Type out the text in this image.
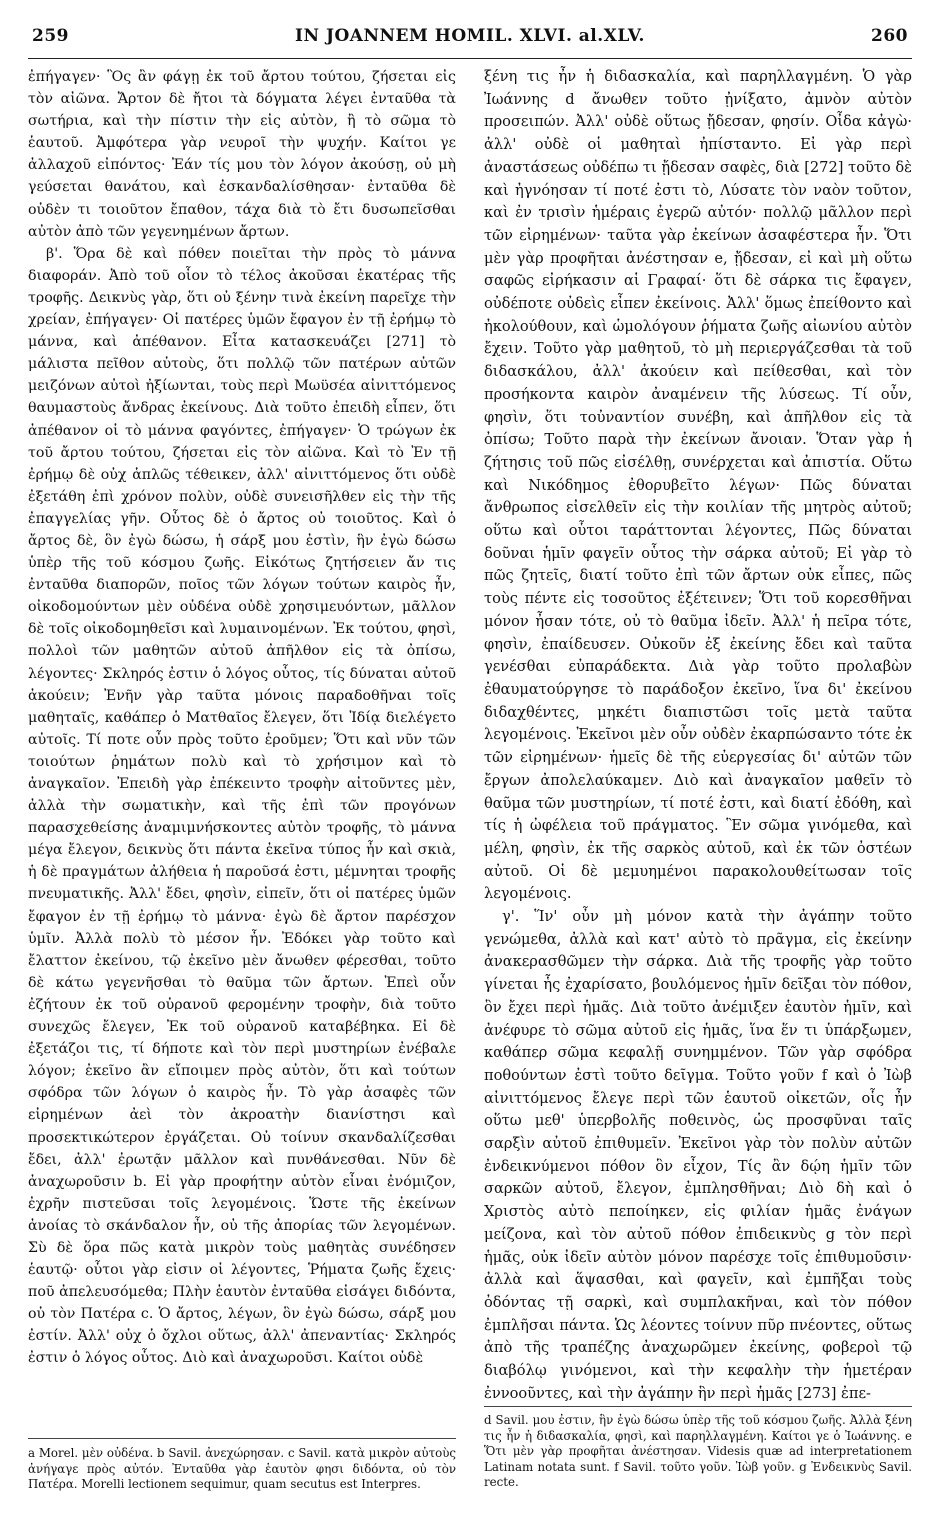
259	IN JOANNEM HOMIL. XLVI. al.XLV.	260

ἐπήγαγεν· Ὃς ἂν φάγῃ ἐκ τοῦ ἄρτου τούτου, ζήσεται εἰς τὸν αἰῶνα. Ἄρτον δὲ ἤτοι τὰ δόγματα λέγει ἐνταῦθα τὰ σωτήρια, καὶ τὴν πίστιν τὴν εἰς αὐτὸν, ἢ τὸ σῶμα τὸ ἑαυτοῦ. Ἀμφότερα γὰρ νευροῖ τὴν ψυχήν. Καίτοι γε ἀλλαχοῦ εἰπόντος· Ἐάν τίς μου τὸν λόγον ἀκούσῃ, οὐ μὴ γεύσεται θανάτου, καὶ ἐσκανδαλίσθησαν· ἐνταῦθα δὲ οὐδὲν τι τοιοῦτον ἔπαθον, τάχα διὰ τὸ ἔτι δυσωπεῖσθαι αὐτὸν ἀπὸ τῶν γεγενημένων ἄρτων.

β'. Ὅρα δὲ καὶ πόθεν ποιεῖται τὴν πρὸς τὸ μάννα διαφοράν. Ἀπὸ τοῦ οἷον τὸ τέλος ἀκοῦσαι ἑκατέρας τῆς τροφῆς. Δεικνὺς γὰρ, ὅτι οὐ ξένην τινὰ ἐκείνη παρεῖχε τὴν χρείαν, ἐπήγαγεν· Οἱ πατέρες ὑμῶν ἔφαγον ἐν τῇ ἐρήμῳ τὸ μάννα, καὶ ἀπέθανον. Εἶτα κατασκευάζει [271] τὸ μάλιστα πεῖθον αὐτοὺς, ὅτι πολλῷ τῶν πατέρων αὐτῶν μειζόνων αὐτοὶ ἠξίωνται, τοὺς περὶ Μωϋσέα αἰνιττόμενος θαυμαστοὺς ἄνδρας ἐκείνους. Διὰ τοῦτο ἐπειδὴ εἶπεν, ὅτι ἀπέθανον οἱ τὸ μάννα φαγόντες, ἐπήγαγεν· Ὁ τρώγων ἐκ τοῦ ἄρτου τούτου, ζήσεται εἰς τὸν αἰῶνα. Καὶ τὸ Ἐν τῇ ἐρήμῳ δὲ οὐχ ἁπλῶς τέθεικεν, ἀλλ' αἰνιττόμενος ὅτι οὐδὲ ἐξετάθη ἐπὶ χρόνον πολὺν, οὐδὲ συνεισῆλθεν εἰς τὴν τῆς ἐπαγγελίας γῆν. Οὗτος δὲ ὁ ἄρτος οὐ τοιοῦτος. Καὶ ὁ ἄρτος δὲ, ὃν ἐγὼ δώσω, ἡ σάρξ μου ἐστὶν, ἣν ἐγὼ δώσω ὑπὲρ τῆς τοῦ κόσμου ζωῆς. Εἰκότως ζητήσειεν ἄν τις ἐνταῦθα διαπορῶν, ποῖος τῶν λόγων τούτων καιρὸς ἦν, οἰκοδομούντων μὲν οὐδένα οὐδὲ χρησιμευόντων, μᾶλλον δὲ τοῖς οἰκοδομηθεῖσι καὶ λυμαινομένων. Ἐκ τούτου, φησὶ, πολλοὶ τῶν μαθητῶν αὐτοῦ ἀπῆλθον εἰς τὰ ὀπίσω, λέγοντες· Σκληρός ἐστιν ὁ λόγος οὗτος, τίς δύναται αὐτοῦ ἀκούειν; Ἐνῆν γὰρ ταῦτα μόνοις παραδοθῆναι τοῖς μαθηταῖς, καθάπερ ὁ Ματθαῖος ἔλεγεν, ὅτι Ἰδίᾳ διελέγετο αὐτοῖς. Τί ποτε οὖν πρὸς τοῦτο ἐροῦμεν; Ὅτι καὶ νῦν τῶν τοιούτων ῥημάτων πολὺ καὶ τὸ χρήσιμον καὶ τὸ ἀναγκαῖον. Ἐπειδὴ γὰρ ἐπέκειντο τροφὴν αἰτοῦντες μὲν, ἀλλὰ τὴν σωματικὴν, καὶ τῆς ἐπὶ τῶν προγόνων παρασχεθείσης ἀναμιμνήσκοντες αὐτὸν τροφῆς, τὸ μάννα μέγα ἔλεγον, δεικνὺς ὅτι πάντα ἐκεῖνα τύπος ἦν καὶ σκιὰ, ἡ δὲ πραγμάτων ἀλήθεια ἡ παροῦσά ἐστι, μέμνηται τροφῆς πνευματικῆς. Ἀλλ' ἔδει, φησὶν, εἰπεῖν, ὅτι οἱ πατέρες ὑμῶν ἔφαγον ἐν τῇ ἐρήμῳ τὸ μάννα· ἐγὼ δὲ ἄρτον παρέσχον ὑμῖν. Ἀλλὰ πολὺ τὸ μέσον ἦν. Ἐδόκει γὰρ τοῦτο καὶ ἔλαττον ἐκείνου, τῷ ἐκεῖνο μὲν ἄνωθεν φέρεσθαι, τοῦτο δὲ κάτω γεγενῆσθαι τὸ θαῦμα τῶν ἄρτων. Ἐπεὶ οὖν ἐζήτουν ἐκ τοῦ οὐρανοῦ φερομένην τροφὴν, διὰ τοῦτο συνεχῶς ἔλεγεν, Ἐκ τοῦ οὐρανοῦ καταβέβηκα. Εἰ δὲ ἐξετάζοι τις, τί δήποτε καὶ τὸν περὶ μυστηρίων ἐνέβαλε λόγον; ἐκεῖνο ἂν εἴποιμεν πρὸς αὐτὸν, ὅτι καὶ τούτων σφόδρα τῶν λόγων ὁ καιρὸς ἦν. Τὸ γὰρ ἀσαφὲς τῶν εἰρημένων ἀεὶ τὸν ἀκροατὴν διανίστησι καὶ προσεκτικώτερον ἐργάζεται. Οὐ τοίνυν σκανδαλίζεσθαι ἔδει, ἀλλ' ἐρωτᾷν μᾶλλον καὶ πυνθάνεσθαι. Νῦν δὲ ἀναχωροῦσιν b. Εἰ γὰρ προφήτην αὐτὸν εἶναι ἐνόμιζον, ἐχρῆν πιστεῦσαι τοῖς λεγομένοις. Ὥστε τῆς ἐκείνων ἀνοίας τὸ σκάνδαλον ἦν, οὐ τῆς ἀπορίας τῶν λεγομένων. Σὺ δὲ ὅρα πῶς κατὰ μικρὸν τοὺς μαθητὰς συνέδησεν ἑαυτῷ· οὗτοι γὰρ εἰσιν οἱ λέγοντες, Ῥήματα ζωῆς ἔχεις· ποῦ ἀπελευσόμεθα; Πλὴν ἑαυτὸν ἐνταῦθα εἰσάγει διδόντα, οὐ τὸν Πατέρα c. Ὁ ἄρτος, λέγων, ὃν ἐγὼ δώσω, σάρξ μου ἐστίν. Ἀλλ' οὐχ ὁ ὄχλοι οὕτως, ἀλλ' ἀπεναντίας· Σκληρός ἐστιν ὁ λόγος οὗτος. Διὸ καὶ ἀναχωροῦσι. Καίτοι οὐδὲ

ξένη τις ἦν ἡ διδασκαλία, καὶ παρηλλαγμένη. Ὁ γὰρ Ἰωάννης d ἄνωθεν τοῦτο ᾐνίξατο, ἀμνὸν αὐτὸν προσειπών. Ἀλλ' οὐδὲ οὕτως ᾔδεσαν, φησίν. Οἶδα κἀγὼ· ἀλλ' οὐδὲ οἱ μαθηταὶ ἠπίσταντο. Εἰ γὰρ περὶ ἀναστάσεως οὐδέπω τι ᾔδεσαν σαφὲς, διὰ [272] τοῦτο δὲ καὶ ἠγνόησαν τί ποτέ ἐστι τὸ, Λύσατε τὸν ναὸν τοῦτον, καὶ ἐν τρισὶν ἡμέραις ἐγερῶ αὐτόν· πολλῷ μᾶλλον περὶ τῶν εἰρημένων· ταῦτα γὰρ ἐκείνων ἀσαφέστερα ἦν. Ὅτι μὲν γὰρ προφῆται ἀνέστησαν e, ᾔδεσαν, εἰ καὶ μὴ οὕτω σαφῶς εἰρήκασιν αἱ Γραφαί· ὅτι δὲ σάρκα τις ἔφαγεν, οὐδέποτε οὐδεὶς εἶπεν ἐκείνοις. Ἀλλ' ὅμως ἐπείθοντο καὶ ἠκολούθουν, καὶ ὡμολόγουν ῥήματα ζωῆς αἰωνίου αὐτὸν ἔχειν. Τοῦτο γὰρ μαθητοῦ, τὸ μὴ περιεργάζεσθαι τὰ τοῦ διδασκάλου, ἀλλ' ἀκούειν καὶ πείθεσθαι, καὶ τὸν προσήκοντα καιρὸν ἀναμένειν τῆς λύσεως. Τί οὖν, φησὶν, ὅτι τοὐναντίον συνέβη, καὶ ἀπῆλθον εἰς τὰ ὀπίσω; Τοῦτο παρὰ τὴν ἐκείνων ἄνοιαν. Ὅταν γὰρ ἡ ζήτησις τοῦ πῶς εἰσέλθῃ, συνέρχεται καὶ ἀπιστία. Οὕτω καὶ Νικόδημος ἐθορυβεῖτο λέγων· Πῶς δύναται ἄνθρωπος εἰσελθεῖν εἰς τὴν κοιλίαν τῆς μητρὸς αὐτοῦ; οὕτω καὶ οὗτοι ταράττονται λέγοντες, Πῶς δύναται δοῦναι ἡμῖν φαγεῖν οὗτος τὴν σάρκα αὐτοῦ; Εἰ γὰρ τὸ πῶς ζητεῖς, διατί τοῦτο ἐπὶ τῶν ἄρτων οὐκ εἶπες, πῶς τοὺς πέντε εἰς τοσοῦτος ἐξέτεινεν; Ὅτι τοῦ κορεσθῆναι μόνον ἦσαν τότε, οὐ τὸ θαῦμα ἰδεῖν. Ἀλλ' ἡ πεῖρα τότε, φησὶν, ἐπαίδευσεν. Οὐκοῦν ἐξ ἐκείνης ἔδει καὶ ταῦτα γενέσθαι εὐπαράδεκτα. Διὰ γὰρ τοῦτο προλαβὼν ἐθαυματούργησε τὸ παράδοξον ἐκεῖνο, ἵνα δι' ἐκείνου διδαχθέντες, μηκέτι διαπιστῶσι τοῖς μετὰ ταῦτα λεγομένοις. Ἐκεῖνοι μὲν οὖν οὐδὲν ἐκαρπώσαντο τότε ἐκ τῶν εἰρημένων· ἡμεῖς δὲ τῆς εὐεργεσίας δι' αὐτῶν τῶν ἔργων ἀπολελαύκαμεν. Διὸ καὶ ἀναγκαῖον μαθεῖν τὸ θαῦμα τῶν μυστηρίων, τί ποτέ ἐστι, καὶ διατί ἐδόθη, καὶ τίς ἡ ὠφέλεια τοῦ πράγματος. Ἓν σῶμα γινόμεθα, καὶ μέλη, φησὶν, ἐκ τῆς σαρκὸς αὐτοῦ, καὶ ἐκ τῶν ὀστέων αὐτοῦ. Οἱ δὲ μεμυημένοι παρακολουθείτωσαν τοῖς λεγομένοις.

γ'. Ἵν' οὖν μὴ μόνον κατὰ τὴν ἀγάπην τοῦτο γενώμεθα, ἀλλὰ καὶ κατ' αὐτὸ τὸ πρᾶγμα, εἰς ἐκείνην ἀνακερασθῶμεν τὴν σάρκα. Διὰ τῆς τροφῆς γὰρ τοῦτο γίνεται ἧς ἐχαρίσατο, βουλόμενος ἡμῖν δεῖξαι τὸν πόθον, ὃν ἔχει περὶ ἡμᾶς. Διὰ τοῦτο ἀνέμιξεν ἑαυτὸν ἡμῖν, καὶ ἀνέφυρε τὸ σῶμα αὐτοῦ εἰς ἡμᾶς, ἵνα ἕν τι ὑπάρξωμεν, καθάπερ σῶμα κεφαλῇ συνημμένον. Τῶν γὰρ σφόδρα ποθούντων ἐστὶ τοῦτο δεῖγμα. Τοῦτο γοῦν f καὶ ὁ Ἰὼβ αἰνιττόμενος ἔλεγε περὶ τῶν ἑαυτοῦ οἰκετῶν, οἷς ἦν οὕτω μεθ' ὑπερβολῆς ποθεινὸς, ὡς προσφῦναι ταῖς σαρξὶν αὐτοῦ ἐπιθυμεῖν. Ἐκεῖνοι γὰρ τὸν πολὺν αὐτῶν ἐνδεικνύμενοι πόθον ὃν εἶχον, Τίς ἂν δῴη ἡμῖν τῶν σαρκῶν αὐτοῦ, ἔλεγον, ἐμπλησθῆναι; Διὸ δὴ καὶ ὁ Χριστὸς αὐτὸ πεποίηκεν, εἰς φιλίαν ἡμᾶς ἐνάγων μείζονα, καὶ τὸν αὐτοῦ πόθον ἐπιδεικνὺς g τὸν περὶ ἡμᾶς, οὐκ ἰδεῖν αὐτὸν μόνον παρέσχε τοῖς ἐπιθυμοῦσιν· ἀλλὰ καὶ ἅψασθαι, καὶ φαγεῖν, καὶ ἐμπῆξαι τοὺς ὀδόντας τῇ σαρκὶ, καὶ συμπλακῆναι, καὶ τὸν πόθον ἐμπλῆσαι πάντα. Ὡς λέοντες τοίνυν πῦρ πνέοντες, οὕτως ἀπὸ τῆς τραπέζης ἀναχωρῶμεν ἐκείνης, φοβεροὶ τῷ διαβόλῳ γινόμενοι, καὶ τὴν κεφαλὴν τὴν ἡμετέραν ἐννοοῦντες, καὶ τὴν ἀγάπην ἣν περὶ ἡμᾶς [273] ἐπε-

a Morel. μὲν οὐδένα. b Savil. ἀνεχώρησαν. c Savil. κατὰ μικρὸν αὐτοὺς ἀνήγαγε πρὸς αὐτόν. Ἐνταῦθα γὰρ ἑαυτὸν φησι διδόντα, οὐ τὸν Πατέρα. Morelli lectionem sequimur, quam secutus est Interpres.
d Savil. μου ἐστιν, ἣν ἐγὼ δώσω ὑπὲρ τῆς τοῦ κόσμου ζωῆς. Ἀλλὰ ξένη τις ἦν ἡ διδασκαλία, φησὶ, καὶ παρηλλαγμένη. Καίτοι γε ὁ Ἰωάννης. e Ὅτι μὲν γὰρ προφῆται ἀνέστησαν. Videsis quæ ad interpretationem Latinam notata sunt. f Savil. τοῦτο γοῦν. Ἰὼβ γοῦν. g Ἐνδεικνὺς Savil. recte.
